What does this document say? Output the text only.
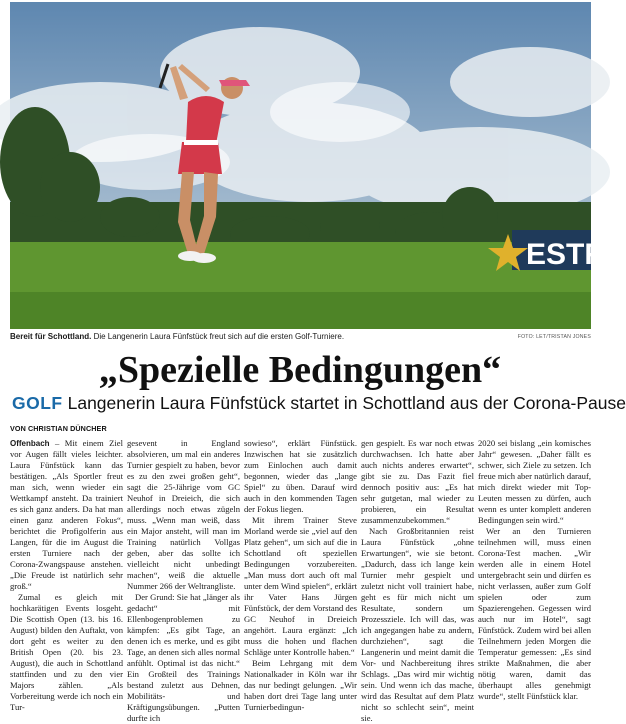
ESTR
Bereit für Schottland. Die Langenerin Laura Fünfstück freut sich auf die ersten Golf-Turniere.	FOTO: LET/TRISTAN JONES
„Spezielle Bedingungen“
GOLF Langenerin Laura Fünfstück startet in Schottland aus der Corona-Pause
VON CHRISTIAN DÜNCHER

Offenbach – Mit einem Ziel vor Augen fällt vieles leichter. Laura Fünfstück kann das bestätigen. „Als Sportler freut man sich, wenn wieder ein Wettkampf ansteht. Da trainiert es sich ganz anders. Da hat man einen ganz anderen Fokus“, berichtet die Profigolferin aus Langen, für die im August die ersten Turniere nach der Corona-Zwangspause anstehen. „Die Freude ist natürlich sehr groß.“

Zumal es gleich mit hochkarätigen Events losgeht. Die Scottish Open (13. bis 16. August) bilden den Auftakt, von dort geht es weiter zu den British Open (20. bis 23. August), die auch in Schottland stattfinden und zu den vier Majors zählen. „Als Vorbereitung werde ich noch ein Tur-

gesevent in England absolvieren, um mal ein anderes Turnier gespielt zu haben, bevor es zu den zwei großen geht“, sagt die 25-Jährige vom GC Neuhof in Dreieich, die sich allerdings noch etwas zügeln muss. „Wenn man weiß, dass ein Major ansteht, will man im Training natürlich Vollgas geben, aber das sollte ich vielleicht nicht unbedingt machen“, weiß die aktuelle Nummer 266 der Weltrangliste.

Der Grund: Sie hat „länger als gedacht“ mit Ellenbogenproblemen zu kämpfen: „Es gibt Tage, an denen ich es merke, und es gibt Tage, an denen sich alles normal anfühlt. Optimal ist das nicht.“ Ein Großteil des Trainings bestand zuletzt aus Dehnen, Mobilitäts- und Kräftigungsübungen. „Putten durfte ich

sowieso“, erklärt Fünfstück. Inzwischen hat sie zusätzlich zum Einlochen auch damit begonnen, wieder das „lange Spiel“ zu üben. Darauf wird auch in den kommenden Tagen der Fokus liegen.

Mit ihrem Trainer Steve Morland werde sie „viel auf den Platz gehen“, um sich auf die in Schottland oft speziellen Bedingungen vorzubereiten. „Man muss dort auch oft mal unter dem Wind spielen“, erklärt ihr Vater Hans Jürgen Fünfstück, der dem Vorstand des GC Neuhof in Dreieich angehört. Laura ergänzt: „Ich muss die hohen und flachen Schläge unter Kontrolle haben.“

Beim Lehrgang mit dem Nationalkader in Köln war ihr das nur bedingt gelungen. „Wir haben dort drei Tage lang unter Turnierbedingun-

gen gespielt. Es war noch etwas durchwachsen. Ich hatte aber auch nichts anderes erwartet“, gibt sie zu. Das Fazit fiel dennoch positiv aus: „Es hat sehr gutgetan, mal wieder zu probieren, ein Resultat zusammenzubekommen.“

Nach Großbritannien reist Laura Fünfstück „ohne Erwartungen“, wie sie betont. „Dadurch, dass ich lange kein Turnier mehr gespielt und zuletzt nicht voll trainiert habe, geht es für mich nicht um Resultate, sondern um Prozessziele. Ich will das, was ich angegangen habe zu andern, durchziehen“, sagt die Langenerin und meint damit die Vor- und Nachbereitung ihres Schlags. „Das wird mir wichtig sein. Und wenn ich das mache, wird das Resultat auf dem Platz nicht so schlecht sein“, meint sie.

2020 sei bislang „ein komisches Jahr“ gewesen. „Daher fällt es schwer, sich Ziele zu setzen. Ich freue mich aber natürlich darauf, mich direkt wieder mit Top-Leuten messen zu dürfen, auch wenn es unter komplett anderen Bedingungen sein wird.“

Wer an den Turnieren teilnehmen will, muss einen Corona-Test machen. „Wir werden alle in einem Hotel untergebracht sein und dürfen es nicht verlassen, außer zum Golf spielen oder zum Spazierengehen. Gegessen wird auch nur im Hotel“, sagt Fünfstück. Zudem wird bei allen Teilnehmern jeden Morgen die Temperatur gemessen: „Es sind strikte Maßnahmen, die aber nötig waren, damit das überhaupt alles genehmigt wurde“, stellt Fünfstück klar.
